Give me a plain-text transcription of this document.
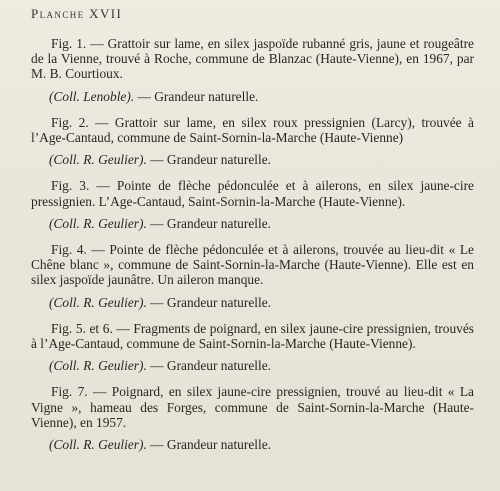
Planche XVII

Fig. 1. — Grattoir sur lame, en silex jaspoïde rubanné gris, jaune et rougeâtre de la Vienne, trouvé à Roche, commune de Blanzac (Haute-Vienne), en 1967, par M. B. Courtioux.

(Coll. Lenoble). — Grandeur naturelle.

Fig. 2. — Grattoir sur lame, en silex roux pressignien (Larcy), trouvée à l’Age-Cantaud, commune de Saint-Sornin-la-Marche (Haute-Vienne)

(Coll. R. Geulier). — Grandeur naturelle.

Fig. 3. — Pointe de flèche pédonculée et à ailerons, en silex jaune-cire pressignien. L’Age-Cantaud, Saint-Sornin-la-Marche (Haute-Vienne).

(Coll. R. Geulier). — Grandeur naturelle.

Fig. 4. — Pointe de flèche pédonculée et à ailerons, trouvée au lieu-dit « Le Chêne blanc », commune de Saint-Sornin-la-Marche (Haute-Vienne). Elle est en silex jaspoïde jaunâtre. Un aileron manque.

(Coll. R. Geulier). — Grandeur naturelle.

Fig. 5. et 6. — Fragments de poignard, en silex jaune-cire pressignien, trouvés à l’Age-Cantaud, commune de Saint-Sornin-la-Marche (Haute-Vienne).

(Coll. R. Geulier). — Grandeur naturelle.

Fig. 7. — Poignard, en silex jaune-cire pressignien, trouvé au lieu-dit « La Vigne », hameau des Forges, commune de Saint-Sornin-la-Marche (Haute-Vienne), en 1957.

(Coll. R. Geulier). — Grandeur naturelle.
